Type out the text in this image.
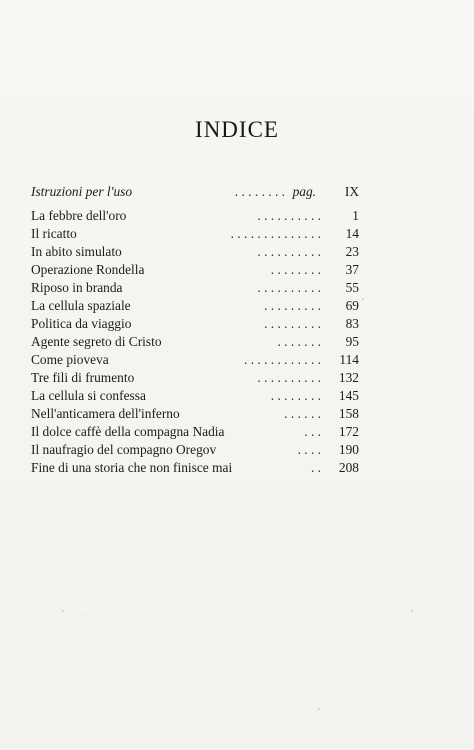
INDICE
Istruzioni per l'uso	. . . . . . . . pag.	IX
La febbre dell'oro	. . . . . . . . . .	1
Il ricatto	. . . . . . . . . . . . . .	14
In abito simulato	. . . . . . . . . .	23
Operazione Rondella	. . . . . . . .	37
Riposo in branda	. . . . . . . . . .	55
La cellula spaziale	. . . . . . . . .	69
Politica da viaggio	. . . . . . . . .	83
Agente segreto di Cristo	. . . . . . .	95
Come pioveva	. . . . . . . . . . . .	114
Tre fili di frumento	. . . . . . . . . .	132
La cellula si confessa	. . . . . . . .	145
Nell'anticamera dell'inferno	. . . . . .	158
Il dolce caffè della compagna Nadia	. . .	172
Il naufragio del compagno Oregov	. . . .	190
Fine di una storia che non finisce mai	. .	208
